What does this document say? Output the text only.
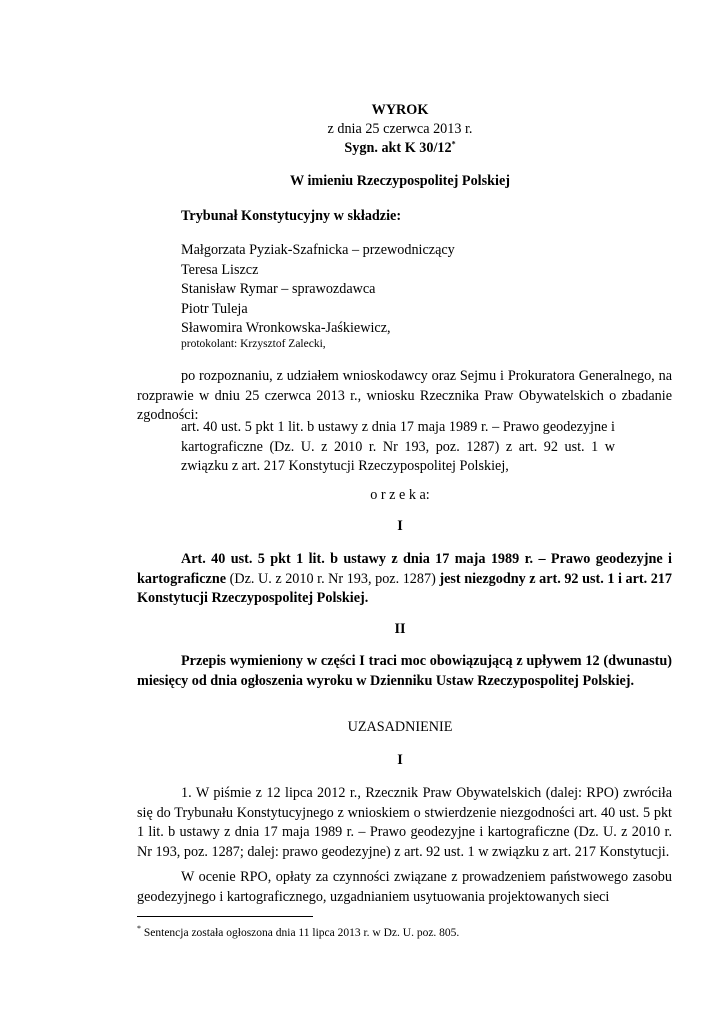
WYROK
z dnia 25 czerwca 2013 r.
Sygn. akt K 30/12*
W imieniu Rzeczypospolitej Polskiej
Trybunał Konstytucyjny w składzie:
Małgorzata Pyziak-Szafnicka – przewodniczący
Teresa Liszcz
Stanisław Rymar – sprawozdawca
Piotr Tuleja
Sławomira Wronkowska-Jaśkiewicz,
protokolant: Krzysztof Zalecki,
po rozpoznaniu, z udziałem wnioskodawcy oraz Sejmu i Prokuratora Generalnego, na rozprawie w dniu 25 czerwca 2013 r., wniosku Rzecznika Praw Obywatelskich o zbadanie zgodności:
art. 40 ust. 5 pkt 1 lit. b ustawy z dnia 17 maja 1989 r. – Prawo geodezyjne i kartograficzne (Dz. U. z 2010 r. Nr 193, poz. 1287) z art. 92 ust. 1 w związku z art. 217 Konstytucji Rzeczypospolitej Polskiej,
o r z e k a:
I
Art. 40 ust. 5 pkt 1 lit. b ustawy z dnia 17 maja 1989 r. – Prawo geodezyjne i kartograficzne (Dz. U. z 2010 r. Nr 193, poz. 1287) jest niezgodny z art. 92 ust. 1 i art. 217 Konstytucji Rzeczypospolitej Polskiej.
II
Przepis wymieniony w części I traci moc obowiązującą z upływem 12 (dwunastu) miesięcy od dnia ogłoszenia wyroku w Dzienniku Ustaw Rzeczypospolitej Polskiej.
UZASADNIENIE
I
1. W piśmie z 12 lipca 2012 r., Rzecznik Praw Obywatelskich (dalej: RPO) zwróciła się do Trybunału Konstytucyjnego z wnioskiem o stwierdzenie niezgodności art. 40 ust. 5 pkt 1 lit. b ustawy z dnia 17 maja 1989 r. – Prawo geodezyjne i kartograficzne (Dz. U. z 2010 r. Nr 193, poz. 1287; dalej: prawo geodezyjne) z art. 92 ust. 1 w związku z art. 217 Konstytucji.
W ocenie RPO, opłaty za czynności związane z prowadzeniem państwowego zasobu geodezyjnego i kartograficznego, uzgadnianiem usytuowania projektowanych sieci
* Sentencja została ogłoszona dnia 11 lipca 2013 r. w Dz. U. poz. 805.
